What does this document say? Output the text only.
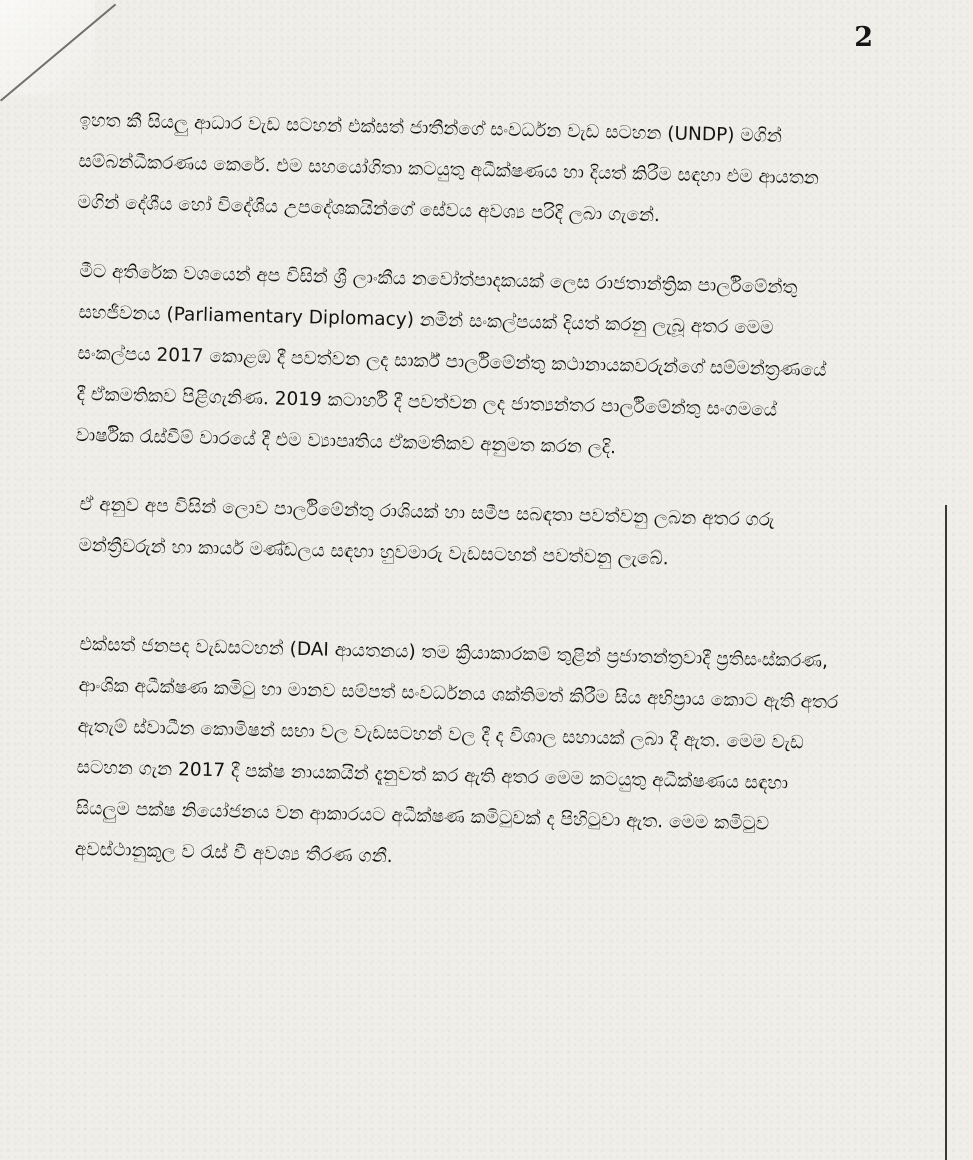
2

ඉහත කී සියලු ආධාර වැඩ සටහන් එක්සත් ජාතීන්ගේ සංවර්ධන වැඩ සටහන (UNDP) මගින් සම්බන්ධීකරණය කෙරේ. එම සහයෝගිතා කටයුතු අධීක්ෂණය හා දියත් කිරීම සඳහා එම ආයතන මගින් දේශීය හෝ විදේශීය උපදේශකයින්ගේ සේවය අවශ්‍ය පරිදි ලබා ගැනේ.

මීට අතිරේක වශයෙන් අප විසින් ශ්‍රී ලාංකීය නවෝත්පාදකයක් ලෙස රාජතාන්ත්‍රික පාර්ලිමේන්තු සහජීවනය (Parliamentary Diplomacy) නමින් සංකල්පයක් දියත් කරනු ලැබූ අතර මෙම සංකල්පය 2017 කොළඹ දී පවත්වන ලද සාර්ක් පාර්ලිමේන්තු කථානායකවරුන්ගේ සම්මන්ත්‍රණයේ දී ඒකමතිකව පිළිගැනිණ. 2019 කටාර්හි දී පවත්වන ලද ජාත්‍යන්තර පාර්ලිමේන්තු සංගමයේ වාර්ෂික රැස්වීම් වාරයේ දී එම ව්‍යාපෘතිය ඒකමතිකව අනුමත කරන ලදි.

ඒ අනුව අප විසින් ලොව පාර්ලිමේන්තු රාශියක් හා සමීප සබඳතා පවත්වනු ලබන අතර ගරු මන්ත්‍රීවරුන් හා කාර්ය මණ්ඩලය සඳහා හුවමාරු වැඩසටහන් පවත්වනු ලැබේ.

එක්සත් ජනපද වැඩසටහන් (DAI ආයතනය) තම ක්‍රියාකාරකම් තුළින් ප්‍රජාතන්ත්‍රවාදී ප්‍රතිසංස්කරණ, ආංශික අධීක්ෂණ කමිටු හා මානව සම්පත් සංවර්ධනය ශක්තිමත් කිරීම සිය අභිප්‍රාය කොට ඇති අතර ඇතැම් ස්වාධීන කොමිෂන් සභා වල වැඩසටහන් වල දී ද විශාල සහායක් ලබා දී ඇත. මෙම වැඩ සටහන ගැන 2017 දී පක්ෂ නායකයින් දැනුවත් කර ඇති අතර මෙම කටයුතු අධීක්ෂණය සඳහා සියලුම පක්ෂ නියෝජනය වන ආකාරයට අධීක්ෂණ කමිටුවක් ද පිහිටුවා ඇත. මෙම කමිටුව අවස්ථානුකූල ව රැස් වී අවශ්‍ය තීරණ ගනී.
